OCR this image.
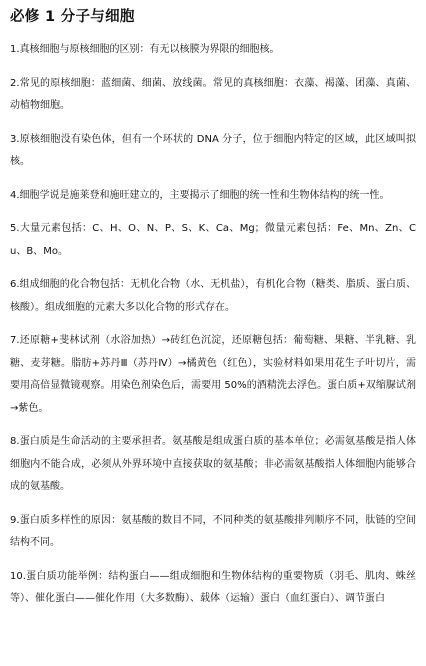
必修 1 分子与细胞
1.真核细胞与原核细胞的区别：有无以核膜为界限的细胞核。
2.常见的原核细胞：蓝细菌、细菌、放线菌。常见的真核细胞：衣藻、褐藻、团藻、真菌、动植物细胞。
3.原核细胞没有染色体，但有一个环状的 DNA 分子，位于细胞内特定的区域，此区域叫拟核。
4.细胞学说是施莱登和施旺建立的，主要揭示了细胞的统一性和生物体结构的统一性。
5.大量元素包括：C、H、O、N、P、S、K、Ca、Mg；微量元素包括：Fe、Mn、Zn、Cu、B、Mo。
6.组成细胞的化合物包括：无机化合物（水、无机盐），有机化合物（糖类、脂质、蛋白质、核酸）。组成细胞的元素大多以化合物的形式存在。
7.还原糖+斐林试剂（水浴加热）→砖红色沉淀，还原糖包括：葡萄糖、果糖、半乳糖、乳糖、麦芽糖。脂肪+苏丹Ⅲ（苏丹Ⅳ）→橘黄色（红色），实验材料如果用花生子叶切片，需要用高倍显微镜观察。用染色剂染色后，需要用 50%的酒精洗去浮色。蛋白质+双缩脲试剂→紫色。
8.蛋白质是生命活动的主要承担者。氨基酸是组成蛋白质的基本单位；必需氨基酸是指人体细胞内不能合成，必须从外界环境中直接获取的氨基酸；非必需氨基酸指人体细胞内能够合成的氨基酸。
9.蛋白质多样性的原因：氨基酸的数目不同，不同种类的氨基酸排列顺序不同，肽链的空间结构不同。
10.蛋白质功能举例：结构蛋白——组成细胞和生物体结构的重要物质（羽毛、肌肉、蛛丝等）、催化蛋白——催化作用（大多数酶）、载体（运输）蛋白（血红蛋白）、调节蛋白
